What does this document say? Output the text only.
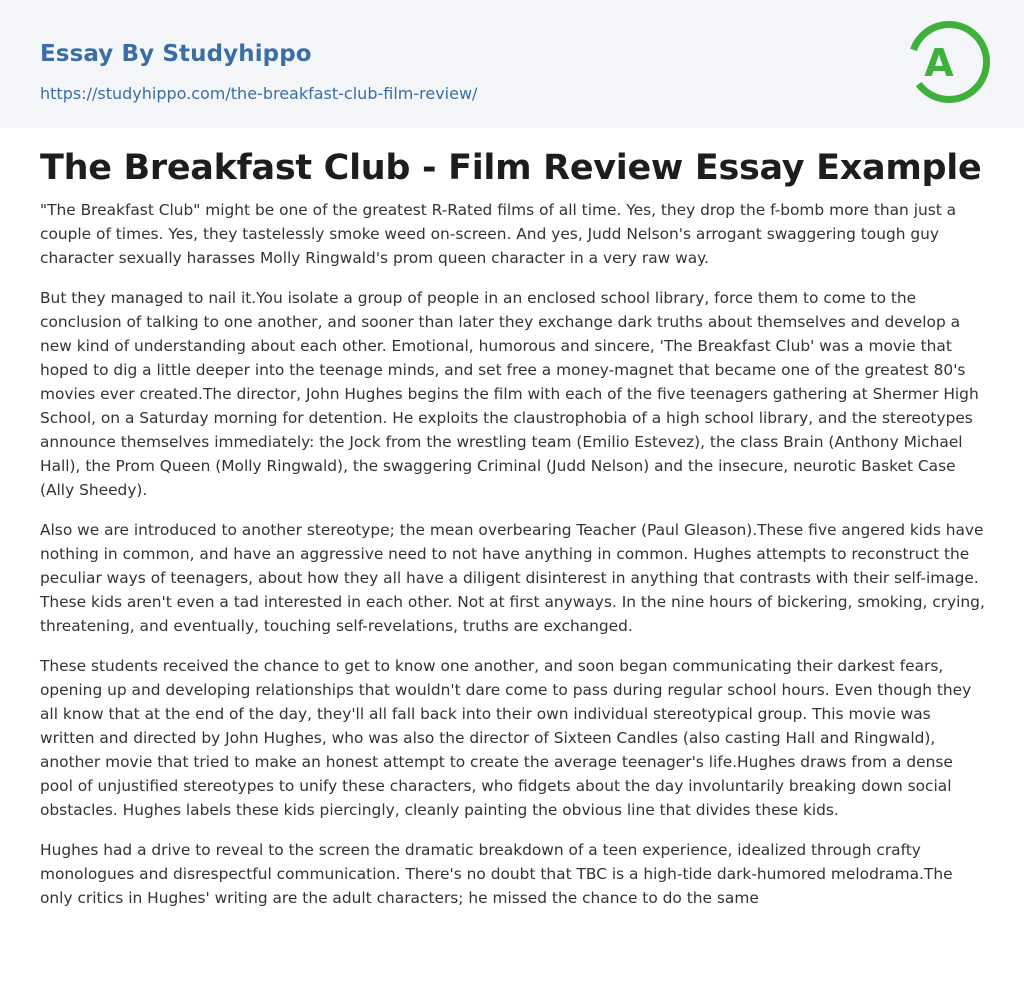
Essay By Studyhippo
https://studyhippo.com/the-breakfast-club-film-review/
A
The Breakfast Club - Film Review Essay Example

"The Breakfast Club" might be one of the greatest R-Rated films of all time. Yes, they drop the f-bomb more than just a couple of times. Yes, they tastelessly smoke weed on-screen. And yes, Judd Nelson's arrogant swaggering tough guy character sexually harasses Molly Ringwald's prom queen character in a very raw way.

But they managed to nail it.You isolate a group of people in an enclosed school library, force them to come to the conclusion of talking to one another, and sooner than later they exchange dark truths about themselves and develop a new kind of understanding about each other. Emotional, humorous and sincere, 'The Breakfast Club' was a movie that hoped to dig a little deeper into the teenage minds, and set free a money-magnet that became one of the greatest 80's movies ever created.The director, John Hughes begins the film with each of the five teenagers gathering at Shermer High School, on a Saturday morning for detention. He exploits the claustrophobia of a high school library, and the stereotypes announce themselves immediately: the Jock from the wrestling team (Emilio Estevez), the class Brain (Anthony Michael Hall), the Prom Queen (Molly Ringwald), the swaggering Criminal (Judd Nelson) and the insecure, neurotic Basket Case (Ally Sheedy).

Also we are introduced to another stereotype; the mean overbearing Teacher (Paul Gleason).These five angered kids have nothing in common, and have an aggressive need to not have anything in common. Hughes attempts to reconstruct the peculiar ways of teenagers, about how they all have a diligent disinterest in anything that contrasts with their self-image. These kids aren't even a tad interested in each other. Not at first anyways. In the nine hours of bickering, smoking, crying, threatening, and eventually, touching self-revelations, truths are exchanged.

These students received the chance to get to know one another, and soon began communicating their darkest fears, opening up and developing relationships that wouldn't dare come to pass during regular school hours. Even though they all know that at the end of the day, they'll all fall back into their own individual stereotypical group. This movie was written and directed by John Hughes, who was also the director of Sixteen Candles (also casting Hall and Ringwald), another movie that tried to make an honest attempt to create the average teenager's life.Hughes draws from a dense pool of unjustified stereotypes to unify these characters, who fidgets about the day involuntarily breaking down social obstacles. Hughes labels these kids piercingly, cleanly painting the obvious line that divides these kids.

Hughes had a drive to reveal to the screen the dramatic breakdown of a teen experience, idealized through crafty monologues and disrespectful communication. There's no doubt that TBC is a high-tide dark-humored melodrama.The only critics in Hughes' writing are the adult characters; he missed the chance to do the same
